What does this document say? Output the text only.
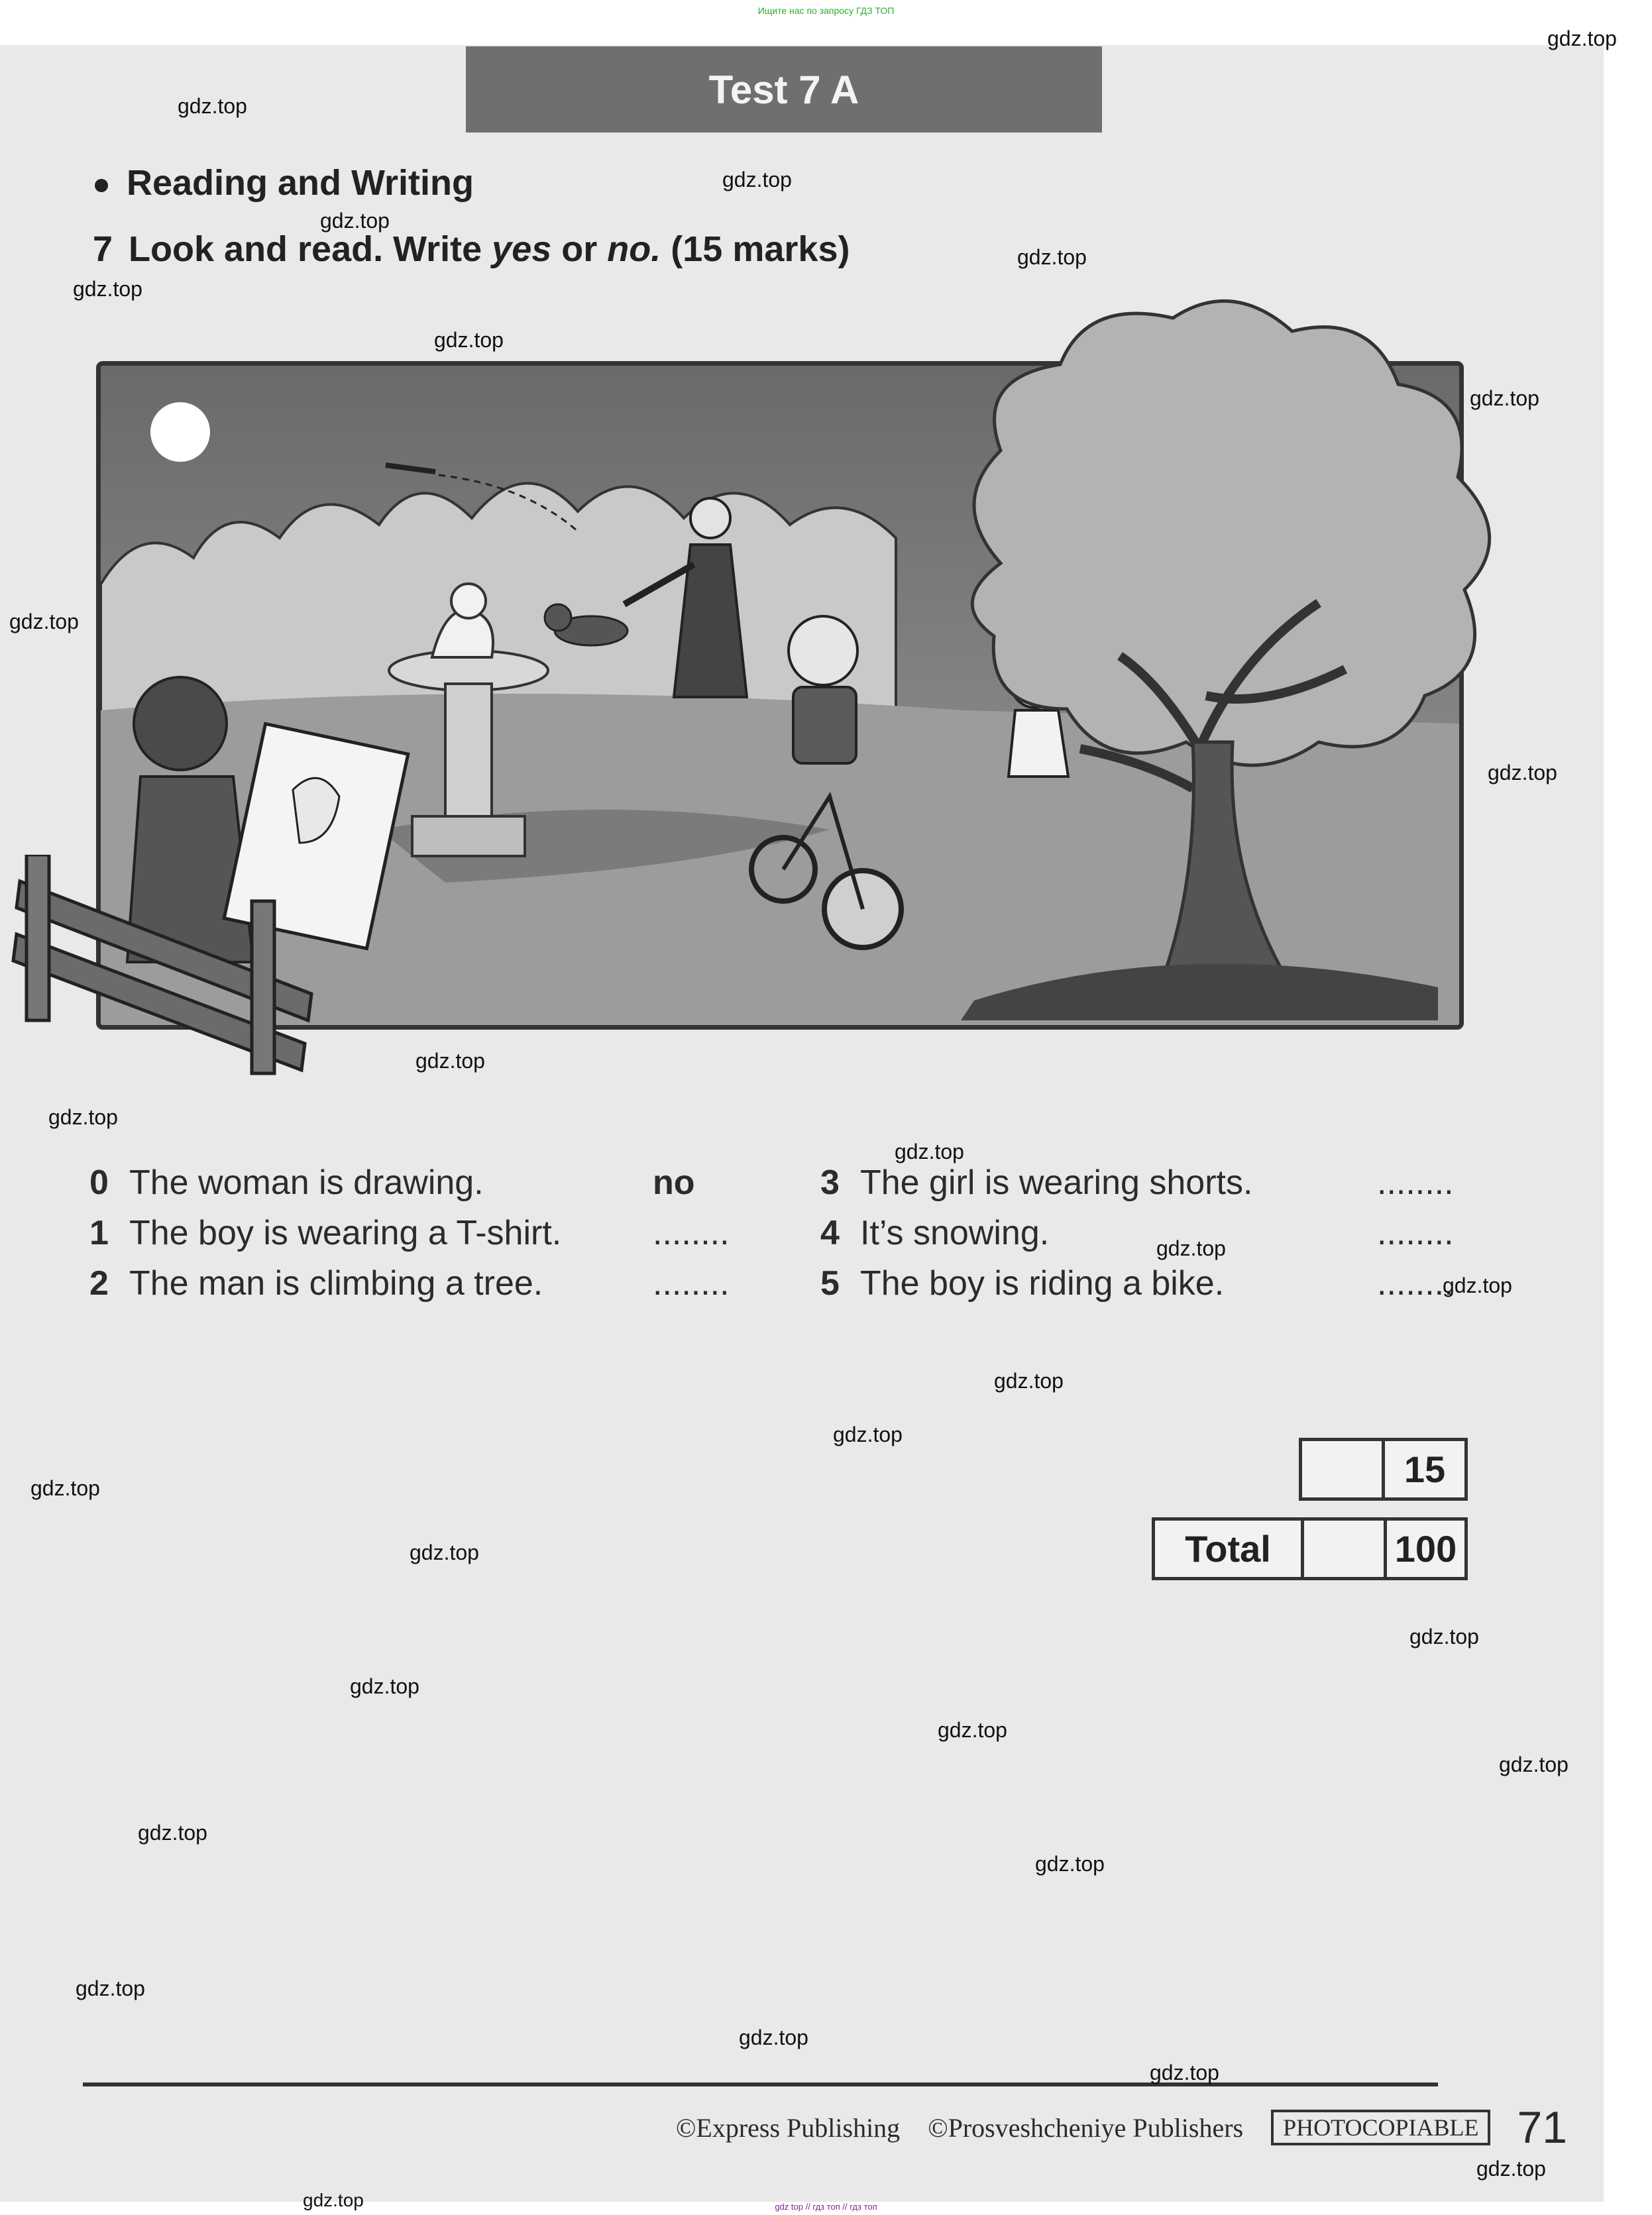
Ищите нас по запросу ГДЗ ТОП
Test 7 A
Reading and Writing
7 Look and read. Write yes or no. (15 marks)
0 The woman is drawing.	no
1 The boy is wearing a T-shirt.	........
2 The man is climbing a tree.	........
3 The girl is wearing shorts.	........
4 It’s snowing.	........
5 The boy is riding a bike.	........
15
Total	100
©Express Publishing ©Prosveshcheniye Publishers	PHOTOCOPIABLE 71
gdz top // гдз топ // гдз топ
gdz.top
gdz.top
gdz.top
gdz.top
gdz.top
gdz.top
gdz.top
gdz.top
gdz.top
gdz.top
gdz.top
gdz.top
gdz.top
gdz.top
gdz.top
gdz.top
gdz.top
gdz.top
gdz.top
gdz.top
gdz.top
gdz.top
gdz.top
gdz.top
gdz.top
gdz.top
gdz.top
gdz.top
gdz.top
gdz.top
